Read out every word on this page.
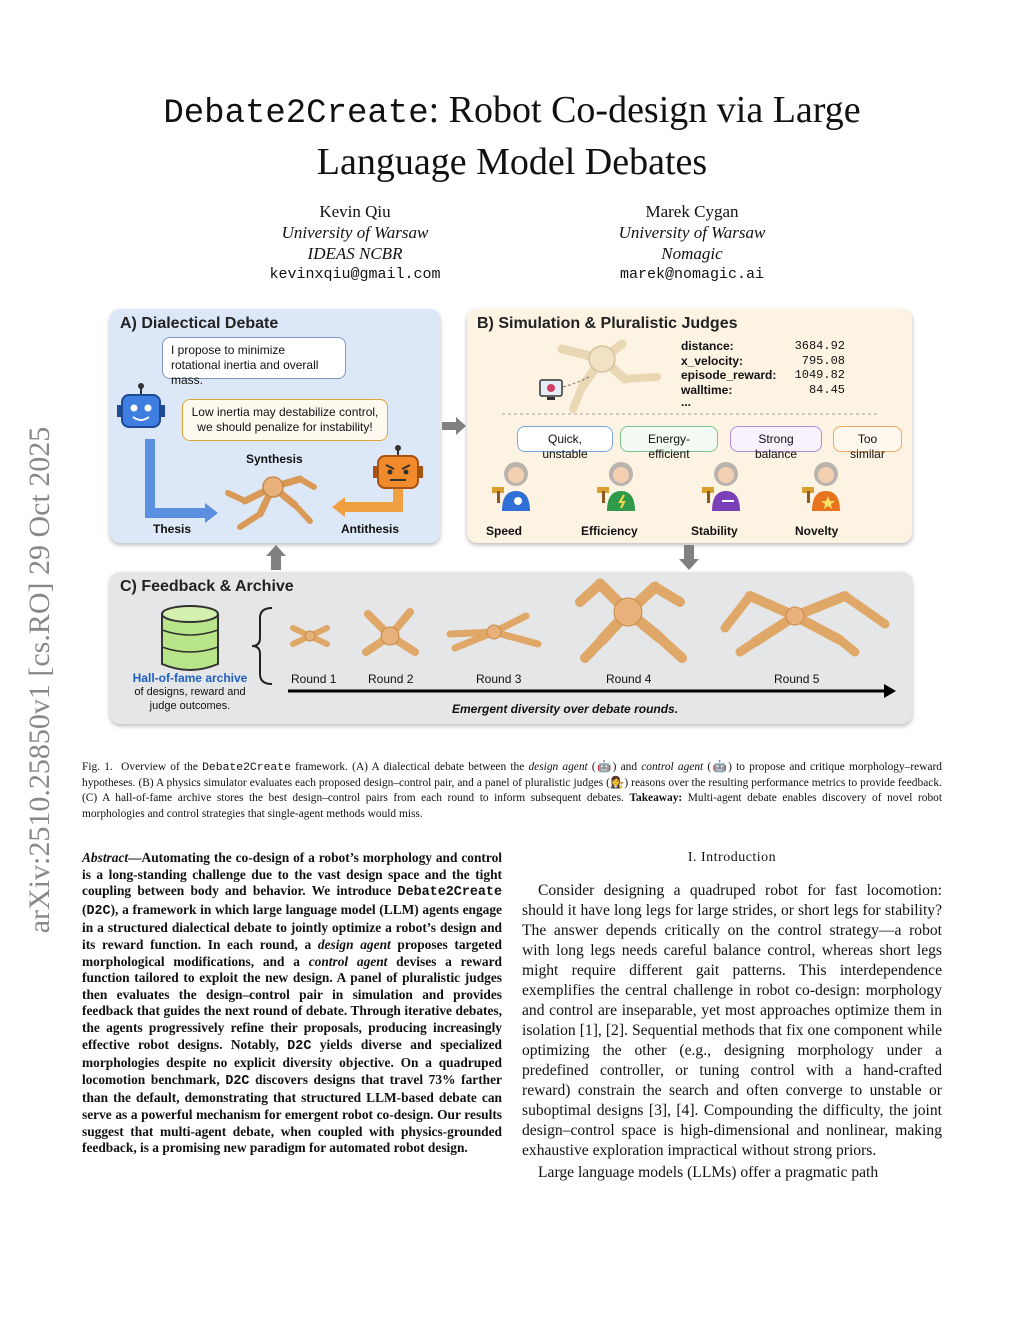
arXiv:2510.25850v1 [cs.RO] 29 Oct 2025
Debate2Create: Robot Co-design via Large
Language Model Debates
Kevin Qiu
University of Warsaw
IDEAS NCBR
kevinxqiu@gmail.com
Marek Cygan
University of Warsaw
Nomagic
marek@nomagic.ai
A) Dialectical Debate
I propose to minimize rotational inertia and overall mass.
Low inertia may destabilize control,
we should penalize for instability!
Synthesis
Thesis	Antithesis
B) Simulation & Pluralistic Judges
distance:	3684.92
x_velocity:	795.08
episode_reward: 1049.82
walltime:	84.45
...
Quick, unstable
Energy-efficient
Strong balance
Too similar
Speed	Efficiency	Stability	Novelty
C) Feedback & Archive
Hall-of-fame archive
of designs, reward and
judge outcomes.
Round 1	Round 2	Round 3	Round 4	Round 5
Emergent diversity over debate rounds.
Fig. 1. Overview of the Debate2Create framework. (A) A dialectical debate between the design agent (🤖) and control agent (🤖) to propose and critique morphology–reward hypotheses. (B) A physics simulator evaluates each proposed design–control pair, and a panel of pluralistic judges (👩‍⚖️) reasons over the resulting performance metrics to provide feedback. (C) A hall-of-fame archive stores the best design–control pairs from each round to inform subsequent debates. Takeaway: Multi-agent debate enables discovery of novel robot morphologies and control strategies that single-agent methods would miss.
Abstract—Automating the co-design of a robot’s morphology and control is a long-standing challenge due to the vast design space and the tight coupling between body and behavior. We introduce Debate2Create (D2C), a framework in which large language model (LLM) agents engage in a structured dialectical debate to jointly optimize a robot’s design and its reward function. In each round, a design agent proposes targeted morphological modifications, and a control agent devises a reward function tailored to exploit the new design. A panel of pluralistic judges then evaluates the design–control pair in simulation and provides feedback that guides the next round of debate. Through iterative debates, the agents progressively refine their proposals, producing increasingly effective robot designs. Notably, D2C yields diverse and specialized morphologies despite no explicit diversity objective. On a quadruped locomotion benchmark, D2C discovers designs that travel 73% farther than the default, demonstrating that structured LLM-based debate can serve as a powerful mechanism for emergent robot co-design. Our results suggest that multi-agent debate, when coupled with physics-grounded feedback, is a promising new paradigm for automated robot design.
I. Introduction

Consider designing a quadruped robot for fast locomotion: should it have long legs for large strides, or short legs for stability? The answer depends critically on the control strategy—a robot with long legs needs careful balance control, whereas short legs might require different gait patterns. This interdependence exemplifies the central challenge in robot co-design: morphology and control are inseparable, yet most approaches optimize them in isolation [1], [2]. Sequential methods that fix one component while optimizing the other (e.g., designing morphology under a predefined controller, or tuning control with a hand-crafted reward) constrain the search and often converge to unstable or suboptimal designs [3], [4]. Compounding the difficulty, the joint design–control space is high-dimensional and nonlinear, making exhaustive exploration impractical without strong priors.

Large language models (LLMs) offer a pragmatic path
